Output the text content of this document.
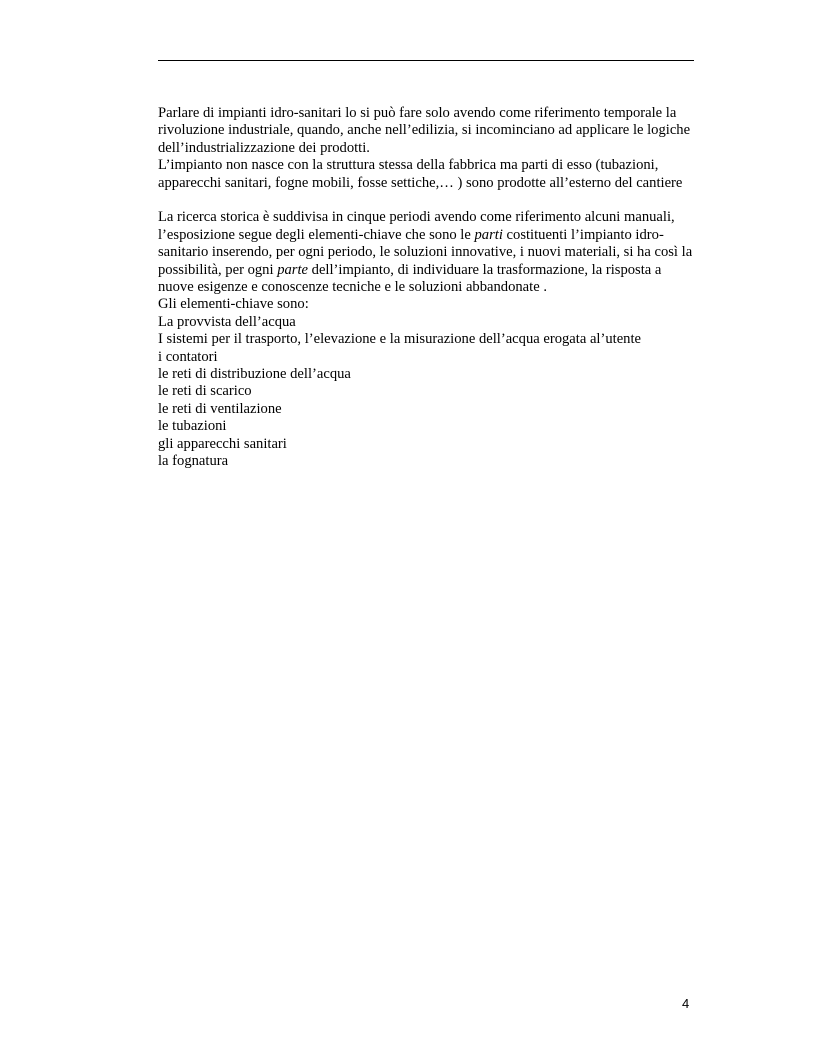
Parlare di impianti idro-sanitari lo si può fare solo avendo come riferimento temporale la rivoluzione industriale, quando, anche nell’edilizia, si incominciano ad applicare le logiche dell’industrializzazione dei prodotti.

L’impianto non nasce con la struttura stessa della fabbrica ma parti di esso (tubazioni, apparecchi sanitari, fogne mobili, fosse settiche,… ) sono prodotte all’esterno del cantiere

La ricerca storica è suddivisa in cinque periodi avendo come riferimento alcuni manuali, l’esposizione segue degli elementi-chiave che sono le parti costituenti l’impianto idro-sanitario inserendo, per ogni periodo, le soluzioni innovative, i nuovi materiali, si ha così la possibilità, per ogni parte dell’impianto, di individuare la trasformazione, la risposta a nuove esigenze e conoscenze tecniche e le soluzioni abbandonate .

Gli elementi-chiave sono:

La provvista dell’acqua

I sistemi per il trasporto, l’elevazione e la misurazione dell’acqua erogata al’utente

i contatori

le reti di distribuzione dell’acqua

le reti di scarico

le reti di ventilazione

le tubazioni

gli apparecchi sanitari

la fognatura

4
